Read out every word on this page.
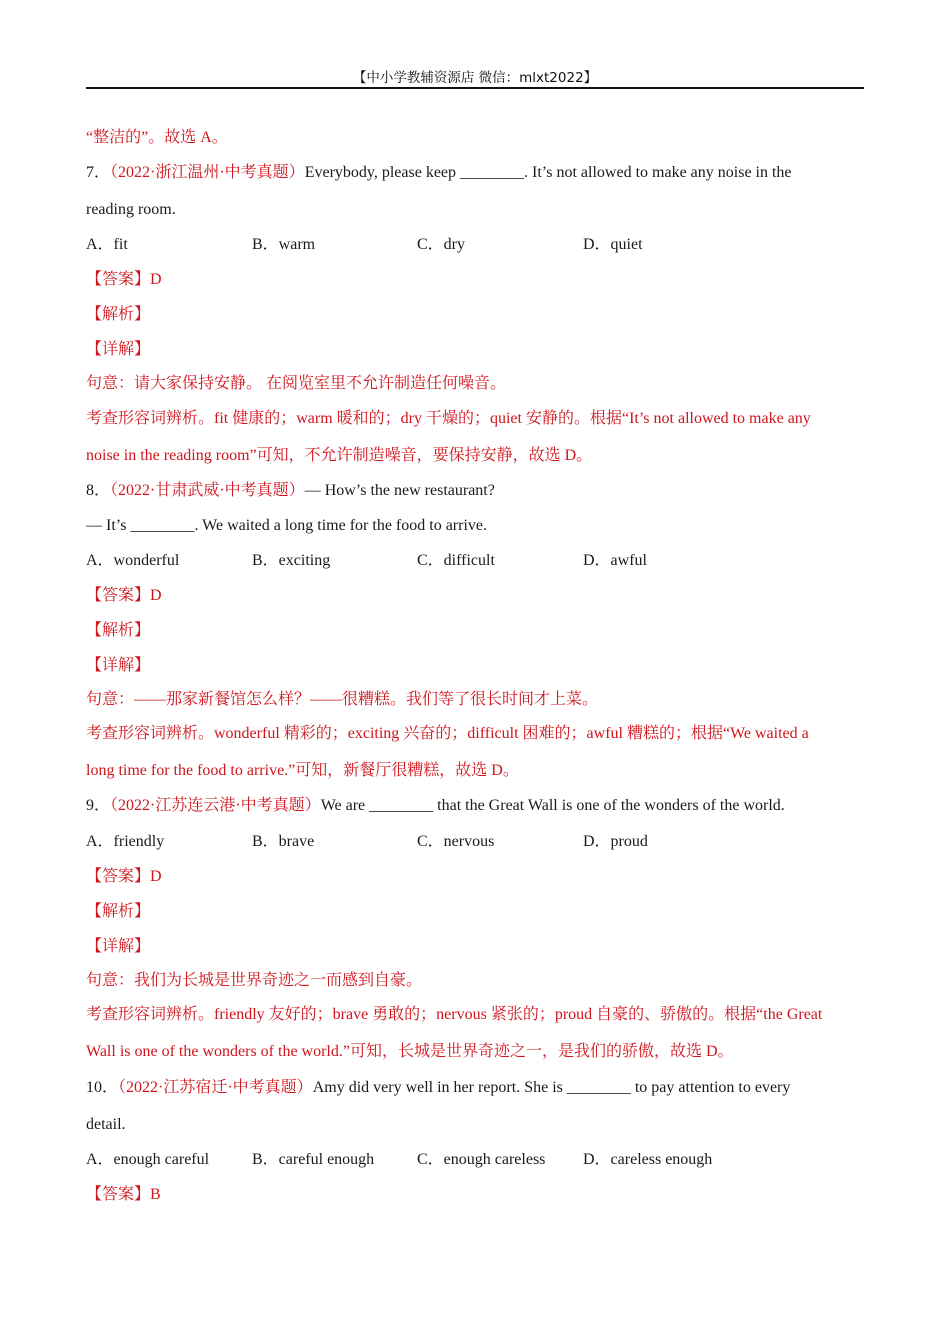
【中小学教辅资源店 微信：mlxt2022】
“整洁的”。故选 A。
7．（2022·浙江温州·中考真题）Everybody, please keep ________. It’s not allowed to make any noise in the
reading room.
A．fit	B．warm	C．dry	D．quiet
【答案】D
【解析】
【详解】
句意：请大家保持安静。 在阅览室里不允许制造任何噪音。
考查形容词辨析。fit 健康的；warm 暖和的；dry 干燥的；quiet 安静的。根据“It’s not allowed to make any
noise in the reading room”可知，不允许制造噪音，要保持安静，故选 D。
8．（2022·甘肃武威·中考真题）— How’s the new restaurant?
— It’s ________. We waited a long time for the food to arrive.
A．wonderful	B．exciting	C．difficult	D．awful
【答案】D
【解析】
【详解】
句意：——那家新餐馆怎么样？——很糟糕。我们等了很长时间才上菜。
考查形容词辨析。wonderful 精彩的；exciting 兴奋的；difficult 困难的；awful 糟糕的；根据“We waited a
long time for the food to arrive.”可知，新餐厅很糟糕，故选 D。
9．（2022·江苏连云港·中考真题）We are ________ that the Great Wall is one of the wonders of the world.
A．friendly	B．brave	C．nervous	D．proud
【答案】D
【解析】
【详解】
句意：我们为长城是世界奇迹之一而感到自豪。
考查形容词辨析。friendly 友好的；brave 勇敢的；nervous 紧张的；proud 自豪的、骄傲的。根据“the Great
Wall is one of the wonders of the world.”可知，长城是世界奇迹之一，是我们的骄傲，故选 D。
10．（2022·江苏宿迁·中考真题）Amy did very well in her report. She is ________ to pay attention to every
detail.
A．enough careful	B．careful enough	C．enough careless D．careless enough
【答案】B
